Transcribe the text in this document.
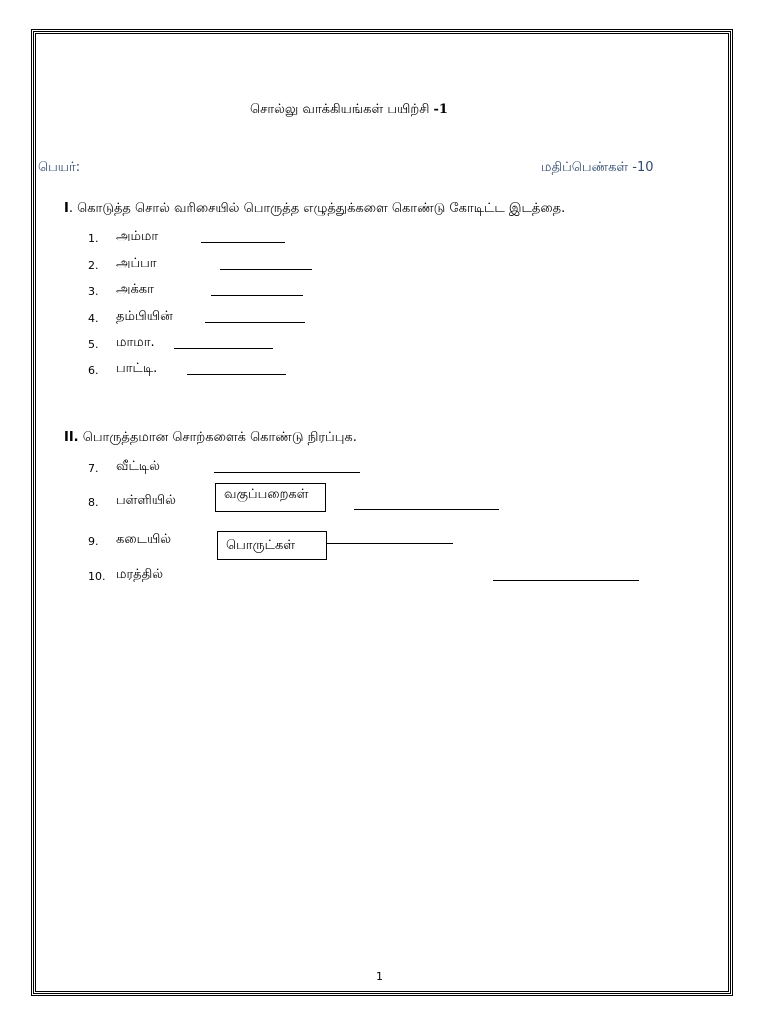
சொல்லு வாக்கியங்கள் பயிற்சி -1
பெயர்:	மதிப்பெண்கள் -10
I. கொடுத்த சொல் வரிசையில் பொருத்த எழுத்துக்களை கொண்டு கோடிட்ட இடத்தை.
1. அம்மா
2. அப்பா
3. அக்கா
4. தம்பியின்
5. மாமா.
6. பாட்டி.
II. பொருத்தமான சொற்களைக் கொண்டு நிரப்புக.
7. வீட்டில்
8. பள்ளியில்	வகுப்பறைகள்
9. கடையில்	பொருட்கள்
10. மரத்தில்
1
